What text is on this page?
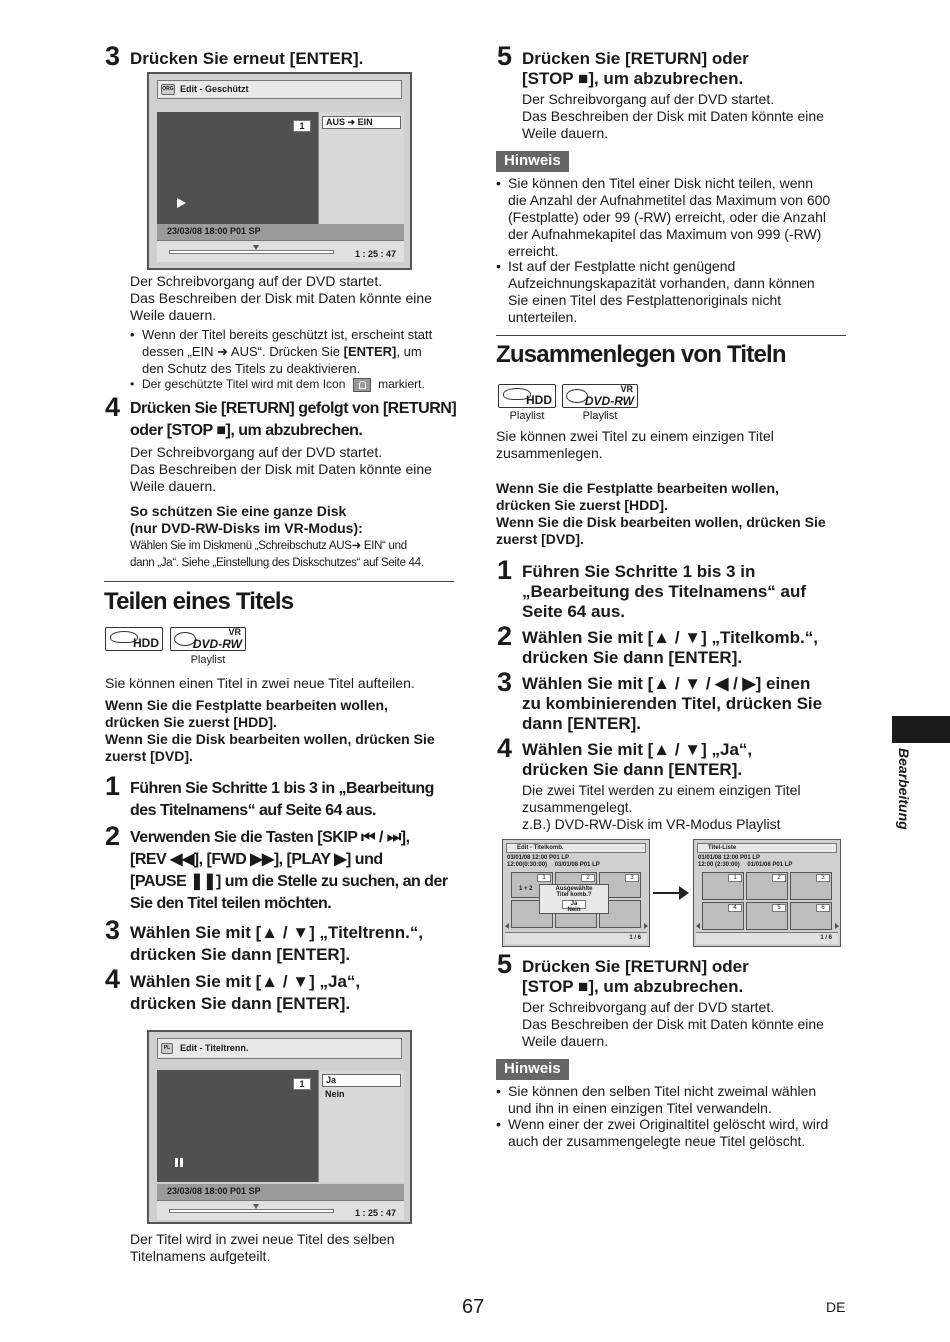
3 Drücken Sie erneut [ENTER].
ORG Edit - Geschützt
1	AUS ➜ EIN
23/03/08 18:00 P01 SP
1 : 25 : 47
Der Schreibvorgang auf der DVD startet.
Das Beschreiben der Disk mit Daten könnte eine
Weile dauern.
• Wenn der Titel bereits geschützt ist, erscheint statt
dessen „EIN ➜ AUS“. Drücken Sie [ENTER], um
den Schutz des Titels zu deaktivieren.
• Der geschützte Titel wird mit dem Icon	markiert.
4 Drücken Sie [RETURN] gefolgt von [RETURN]
oder [STOP ■], um abzubrechen.
Der Schreibvorgang auf der DVD startet.
Das Beschreiben der Disk mit Daten könnte eine
Weile dauern.
So schützen Sie eine ganze Disk
(nur DVD-RW-Disks im VR-Modus):
Wählen Sie im Diskmenü „Schreibschutz AUS➜ EIN“ und
dann „Ja“. Siehe „Einstellung des Diskschutzes“ auf Seite 44.
Teilen eines Titels
HDD
VR
DVD-RW
Playlist
Sie können einen Titel in zwei neue Titel aufteilen.
Wenn Sie die Festplatte bearbeiten wollen,
drücken Sie zuerst [HDD].
Wenn Sie die Disk bearbeiten wollen, drücken Sie
zuerst [DVD].
1 Führen Sie Schritte 1 bis 3 in „Bearbeitung
des Titelnamens“ auf Seite 64 aus.
2 Verwenden Sie die Tasten [SKIP ⏮ / ⏭],
[REV ◀◀], [FWD ▶▶], [PLAY ▶] und
[PAUSE ❚❚] um die Stelle zu suchen, an der
Sie den Titel teilen möchten.
3 Wählen Sie mit [▲ / ▼] „Titeltrenn.“,
drücken Sie dann [ENTER].
4 Wählen Sie mit [▲ / ▼] „Ja“,
drücken Sie dann [ENTER].
PL	Edit - Titeltrenn.
1	Ja
Nein
23/03/08 18:00 P01 SP
1 : 25 : 47
Der Titel wird in zwei neue Titel des selben
Titelnamens aufgeteilt.
5 Drücken Sie [RETURN] oder
[STOP ■], um abzubrechen.
Der Schreibvorgang auf der DVD startet.
Das Beschreiben der Disk mit Daten könnte eine
Weile dauern.
Hinweis
• Sie können den Titel einer Disk nicht teilen, wenn
die Anzahl der Aufnahmetitel das Maximum von 600
(Festplatte) oder 99 (-RW) erreicht, oder die Anzahl
der Aufnahmekapitel das Maximum von 999 (-RW)
erreicht.
• Ist auf der Festplatte nicht genügend
Aufzeichnungskapazität vorhanden, dann können
Sie einen Titel des Festplattenoriginals nicht
unterteilen.
Zusammenlegen von Titeln
HDD
Playlist
VR
DVD-RW
Playlist
Sie können zwei Titel zu einem einzigen Titel
zusammenlegen.
Wenn Sie die Festplatte bearbeiten wollen,
drücken Sie zuerst [HDD].
Wenn Sie die Disk bearbeiten wollen, drücken Sie
zuerst [DVD].
1 Führen Sie Schritte 1 bis 3 in
„Bearbeitung des Titelnamens“ auf
Seite 64 aus.
2 Wählen Sie mit [▲ / ▼] „Titelkomb.“,
drücken Sie dann [ENTER].
3 Wählen Sie mit [▲ / ▼ / ◀ / ▶] einen
zu kombinierenden Titel, drücken Sie
dann [ENTER].
4 Wählen Sie mit [▲ / ▼] „Ja“,
drücken Sie dann [ENTER].
Die zwei Titel werden zu einem einzigen Titel
zusammengelegt.
z.B.) DVD-RW-Disk im VR-Modus Playlist
Edit - Titelkomb.
03/01/08 12:00 P01 LP
12:00(0:30:00) 03/01/08 P01 LP
1	2	3
1 + 2	Ausgewählte
Titel komb.?
Ja
Nein
1 / 6
Titel-Liste
01/01/08 12:00 P01 LP
12:00 (2:30:00) 01/01/08 P01 LP
1	2	3
4	5	6
1 / 6
5 Drücken Sie [RETURN] oder
[STOP ■], um abzubrechen.
Der Schreibvorgang auf der DVD startet.
Das Beschreiben der Disk mit Daten könnte eine
Weile dauern.
Hinweis
• Sie können den selben Titel nicht zweimal wählen
und ihn in einen einzigen Titel verwandeln.
• Wenn einer der zwei Originaltitel gelöscht wird, wird
auch der zusammengelegte neue Titel gelöscht.
Bearbeitung
67	DE
